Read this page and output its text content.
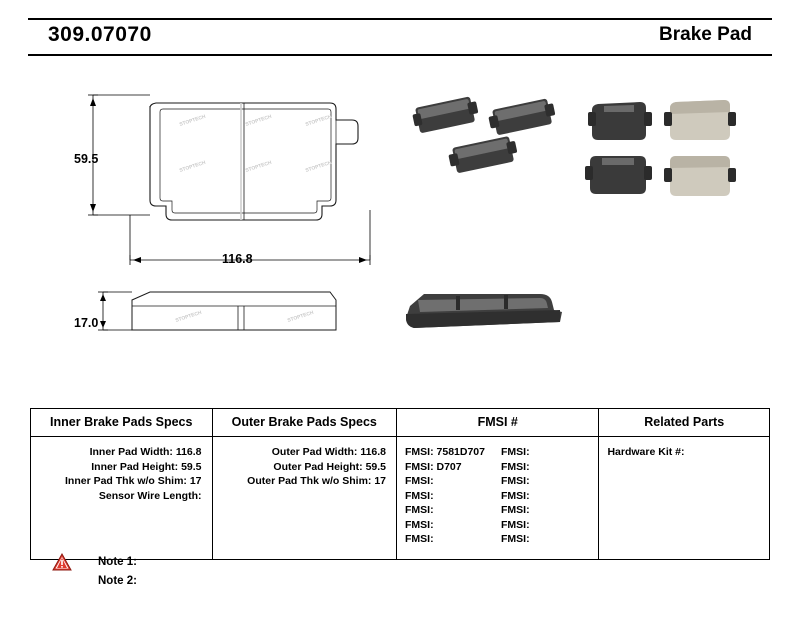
309.07070	Brake Pad
STOPTECH	STOPTECH	STOPTECH
STOPTECH	STOPTECH	STOPTECH
STOPTECH	STOPTECH
59.5
116.8
17.0
Inner Brake Pads Specs	Outer Brake Pads Specs	FMSI #	Related Parts
Inner Pad Width: 116.8
Inner Pad Height: 59.5
Inner Pad Thk w/o Shim: 17
Sensor Wire Length:
Outer Pad Width: 116.8
Outer Pad Height: 59.5
Outer Pad Thk w/o Shim: 17
FMSI: 7581D707
FMSI: D707
FMSI:
FMSI:
FMSI:
FMSI:
FMSI:
FMSI:
FMSI:
FMSI:
FMSI:
FMSI:
FMSI:
FMSI:
Hardware Kit #:
Note 1:
Note 2:
